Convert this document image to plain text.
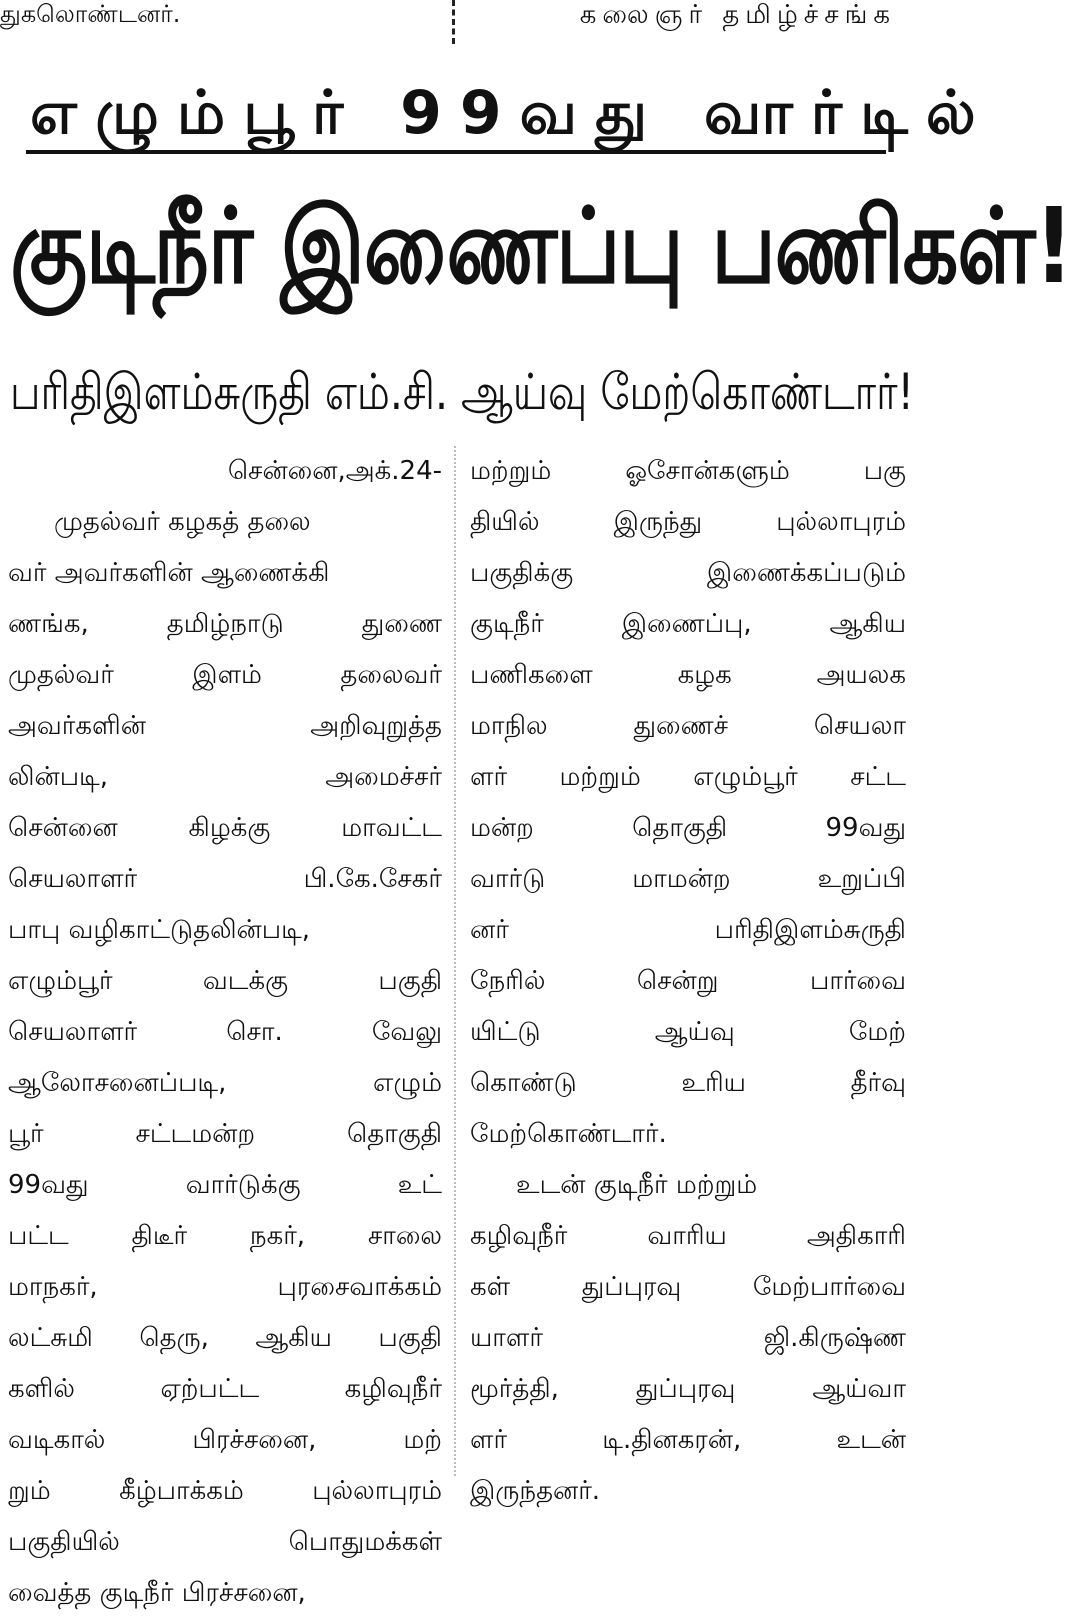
துகலொண்டனர்.	கலைஞர் தமிழ்ச்சங்க
எழும்பூர் 99வது வார்டில்
குடிநீர் இணைப்பு பணிகள்!
பரிதிஇளம்சுருதி எம்.சி. ஆய்வு மேற்கொண்டார்!
சென்னை,அக்.24-
முதல்வர் கழகத் தலை
வர் அவர்களின் ஆணைக்கி
ணங்க, தமிழ்நாடு துணை
முதல்வர் இளம் தலைவர்
அவர்களின் அறிவுறுத்த
லின்படி, அமைச்சர்
சென்னை கிழக்கு மாவட்ட
செயலாளர் பி.கே.சேகர்
பாபு வழிகாட்டுதலின்படி,
எழும்பூர் வடக்கு பகுதி
செயலாளர் சொ. வேலு
ஆலோசனைப்படி, எழும்
பூர் சட்டமன்ற தொகுதி
99வது வார்டுக்கு உட்
பட்ட திடீர் நகர், சாலை
மாநகர், புரசைவாக்கம்
லட்சுமி தெரு, ஆகிய பகுதி
களில் ஏற்பட்ட கழிவுநீர்
வடிகால் பிரச்சனை, மற்
றும் கீழ்பாக்கம் புல்லாபுரம்
பகுதியில் பொதுமக்கள்
வைத்த குடிநீர் பிரச்சனை,
மற்றும் ஓசோன்களும் பகு
தியில் இருந்து புல்லாபுரம்
பகுதிக்கு இணைக்கப்படும்
குடிநீர் இணைப்பு, ஆகிய
பணிகளை கழக அயலக
மாநில துணைச் செயலா
ளர் மற்றும் எழும்பூர் சட்ட
மன்ற தொகுதி 99வது
வார்டு மாமன்ற உறுப்பி
னர் பரிதிஇளம்சுருதி
நேரில் சென்று பார்வை
யிட்டு ஆய்வு மேற்
கொண்டு உரிய தீர்வு
மேற்கொண்டார்.
உடன் குடிநீர் மற்றும்
கழிவுநீர் வாரிய அதிகாரி
கள் துப்புரவு மேற்பார்வை
யாளர் ஜி.கிருஷ்ண
மூர்த்தி, துப்புரவு ஆய்வா
ளர் டி.தினகரன், உடன்
இருந்தனர்.
